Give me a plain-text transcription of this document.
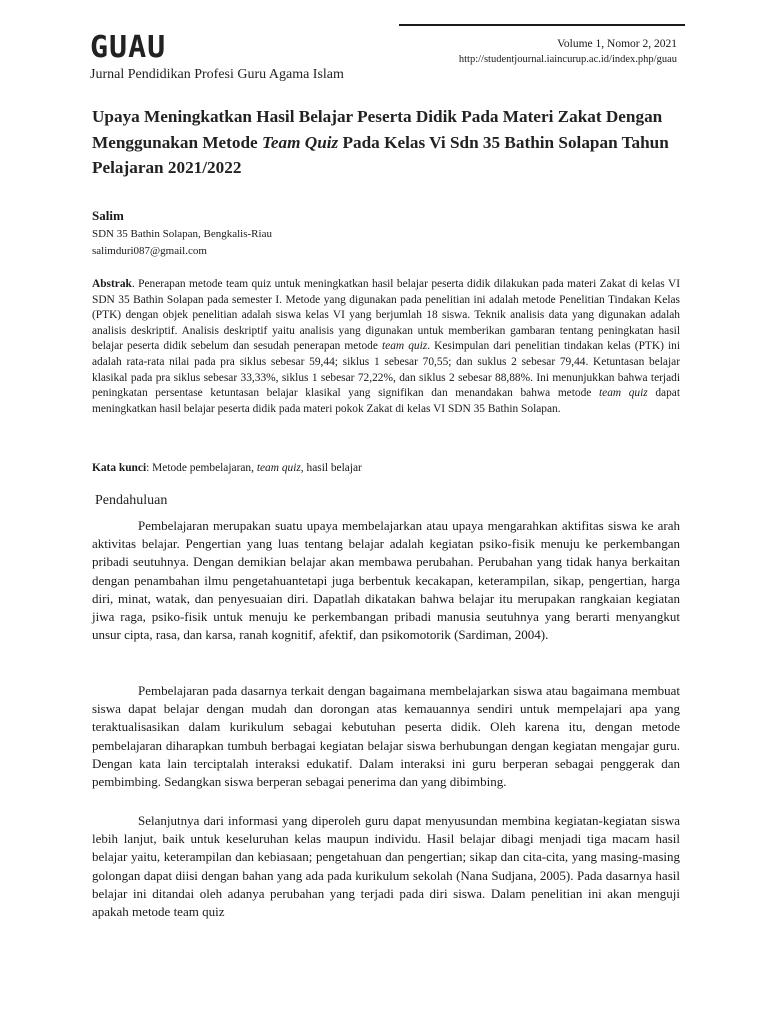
GUAU
Jurnal Pendidikan Profesi Guru Agama Islam
Volume 1, Nomor 2, 2021
http://studentjournal.iaincurup.ac.id/index.php/guau
Upaya Meningkatkan Hasil Belajar Peserta Didik Pada Materi Zakat Dengan Menggunakan Metode Team Quiz Pada Kelas Vi Sdn 35 Bathin Solapan Tahun Pelajaran 2021/2022
Salim
SDN 35 Bathin Solapan, Bengkalis-Riau
salimduri087@gmail.com
Abstrak. Penerapan metode team quiz untuk meningkatkan hasil belajar peserta didik dilakukan pada materi Zakat di kelas VI SDN 35 Bathin Solapan pada semester I. Metode yang digunakan pada penelitian ini adalah metode Penelitian Tindakan Kelas (PTK) dengan objek penelitian adalah siswa kelas VI yang berjumlah 18 siswa. Teknik analisis data yang digunakan adalah analisis deskriptif. Analisis deskriptif yaitu analisis yang digunakan untuk memberikan gambaran tentang peningkatan hasil belajar peserta didik sebelum dan sesudah penerapan metode team quiz. Kesimpulan dari penelitian tindakan kelas (PTK) ini adalah rata-rata nilai pada pra siklus sebesar 59,44; siklus 1 sebesar 70,55; dan suklus 2 sebesar 79,44. Ketuntasan belajar klasikal pada pra siklus sebesar 33,33%, siklus 1 sebesar 72,22%, dan siklus 2 sebesar 88,88%. Ini menunjukkan bahwa terjadi peningkatan persentase ketuntasan belajar klasikal yang signifikan dan menandakan bahwa metode team quiz dapat meningkatkan hasil belajar peserta didik pada materi pokok Zakat di kelas VI SDN 35 Bathin Solapan.
Kata kunci: Metode pembelajaran, team quiz, hasil belajar
Pendahuluan

Pembelajaran merupakan suatu upaya membelajarkan atau upaya mengarahkan aktifitas siswa ke arah aktivitas belajar. Pengertian yang luas tentang belajar adalah kegiatan psiko-fisik menuju ke perkembangan pribadi seutuhnya. Dengan demikian belajar akan membawa perubahan. Perubahan yang tidak hanya berkaitan dengan penambahan ilmu pengetahuantetapi juga berbentuk kecakapan, keterampilan, sikap, pengertian, harga diri, minat, watak, dan penyesuaian diri. Dapatlah dikatakan bahwa belajar itu merupakan rangkaian kegiatan jiwa raga, psiko-fisik untuk menuju ke perkembangan pribadi manusia seutuhnya yang berarti menyangkut unsur cipta, rasa, dan karsa, ranah kognitif, afektif, dan psikomotorik (Sardiman, 2004).

Pembelajaran pada dasarnya terkait dengan bagaimana membelajarkan siswa atau bagaimana membuat siswa dapat belajar dengan mudah dan dorongan atas kemauannya sendiri untuk mempelajari apa yang teraktualisasikan dalam kurikulum sebagai kebutuhan peserta didik. Oleh karena itu, dengan metode pembelajaran diharapkan tumbuh berbagai kegiatan belajar siswa berhubungan dengan kegiatan mengajar guru. Dengan kata lain terciptalah interaksi edukatif. Dalam interaksi ini guru berperan sebagai penggerak dan pembimbing. Sedangkan siswa berperan sebagai penerima dan yang dibimbing.

Selanjutnya dari informasi yang diperoleh guru dapat menyusundan membina kegiatan-kegiatan siswa lebih lanjut, baik untuk keseluruhan kelas maupun individu. Hasil belajar dibagi menjadi tiga macam hasil belajar yaitu, keterampilan dan kebiasaan; pengetahuan dan pengertian; sikap dan cita-cita, yang masing-masing golongan dapat diisi dengan bahan yang ada pada kurikulum sekolah (Nana Sudjana, 2005). Pada dasarnya hasil belajar ini ditandai oleh adanya perubahan yang terjadi pada diri siswa. Dalam penelitian ini akan menguji apakah metode team quiz
